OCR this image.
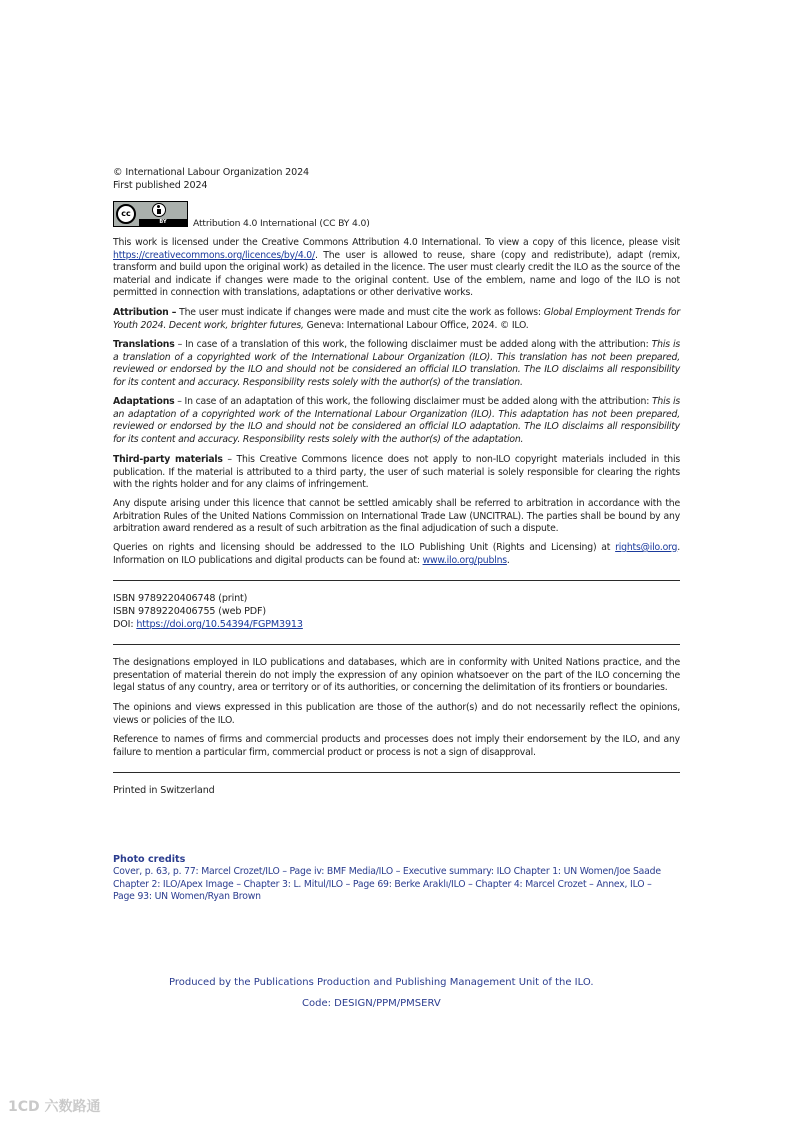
© International Labour Organization 2024
First published 2024
cc
BY	Attribution 4.0 International (CC BY 4.0)

This work is licensed under the Creative Commons Attribution 4.0 International. To view a copy of this licence, please visit https://creativecommons.org/licences/by/4.0/. The user is allowed to reuse, share (copy and redistribute), adapt (remix, transform and build upon the original work) as detailed in the licence. The user must clearly credit the ILO as the source of the material and indicate if changes were made to the original content. Use of the emblem, name and logo of the ILO is not permitted in connection with translations, adaptations or other derivative works.

Attribution – The user must indicate if changes were made and must cite the work as follows: Global Employment Trends for Youth 2024. Decent work, brighter futures, Geneva: International Labour Office, 2024. © ILO.

Translations – In case of a translation of this work, the following disclaimer must be added along with the attribution: This is a translation of a copyrighted work of the International Labour Organization (ILO). This translation has not been prepared, reviewed or endorsed by the ILO and should not be considered an official ILO translation. The ILO disclaims all responsibility for its content and accuracy. Responsibility rests solely with the author(s) of the translation.

Adaptations – In case of an adaptation of this work, the following disclaimer must be added along with the attribution: This is an adaptation of a copyrighted work of the International Labour Organization (ILO). This adaptation has not been prepared, reviewed or endorsed by the ILO and should not be considered an official ILO adaptation. The ILO disclaims all responsibility for its content and accuracy. Responsibility rests solely with the author(s) of the adaptation.

Third-party materials – This Creative Commons licence does not apply to non-ILO copyright materials included in this publication. If the material is attributed to a third party, the user of such material is solely responsible for clearing the rights with the rights holder and for any claims of infringement.

Any dispute arising under this licence that cannot be settled amicably shall be referred to arbitration in accordance with the Arbitration Rules of the United Nations Commission on International Trade Law (UNCITRAL). The parties shall be bound by any arbitration award rendered as a result of such arbitration as the final adjudication of such a dispute.

Queries on rights and licensing should be addressed to the ILO Publishing Unit (Rights and Licensing) at rights@ilo.org. Information on ILO publications and digital products can be found at: www.ilo.org/publns.

ISBN 9789220406748 (print)
ISBN 9789220406755 (web PDF)
DOI: https://doi.org/10.54394/FGPM3913

The designations employed in ILO publications and databases, which are in conformity with United Nations practice, and the presentation of material therein do not imply the expression of any opinion whatsoever on the part of the ILO concerning the legal status of any country, area or territory or of its authorities, or concerning the delimitation of its frontiers or boundaries.

The opinions and views expressed in this publication are those of the author(s) and do not necessarily reflect the opinions, views or policies of the ILO.

Reference to names of firms and commercial products and processes does not imply their endorsement by the ILO, and any failure to mention a particular firm, commercial product or process is not a sign of disapproval.

Printed in Switzerland
Photo credits
Cover, p. 63, p. 77: Marcel Crozet/ILO – Page iv: BMF Media/ILO – Executive summary: ILO Chapter 1: UN Women/Joe Saade
Chapter 2: ILO/Apex Image – Chapter 3: L. Mitul/ILO – Page 69: Berke Araklı/ILO – Chapter 4: Marcel Crozet – Annex, ILO –
Page 93: UN Women/Ryan Brown
Produced by the Publications Production and Publishing Management Unit of the ILO.
Code: DESIGN/PPM/PMSERV
1CD 六数路通
